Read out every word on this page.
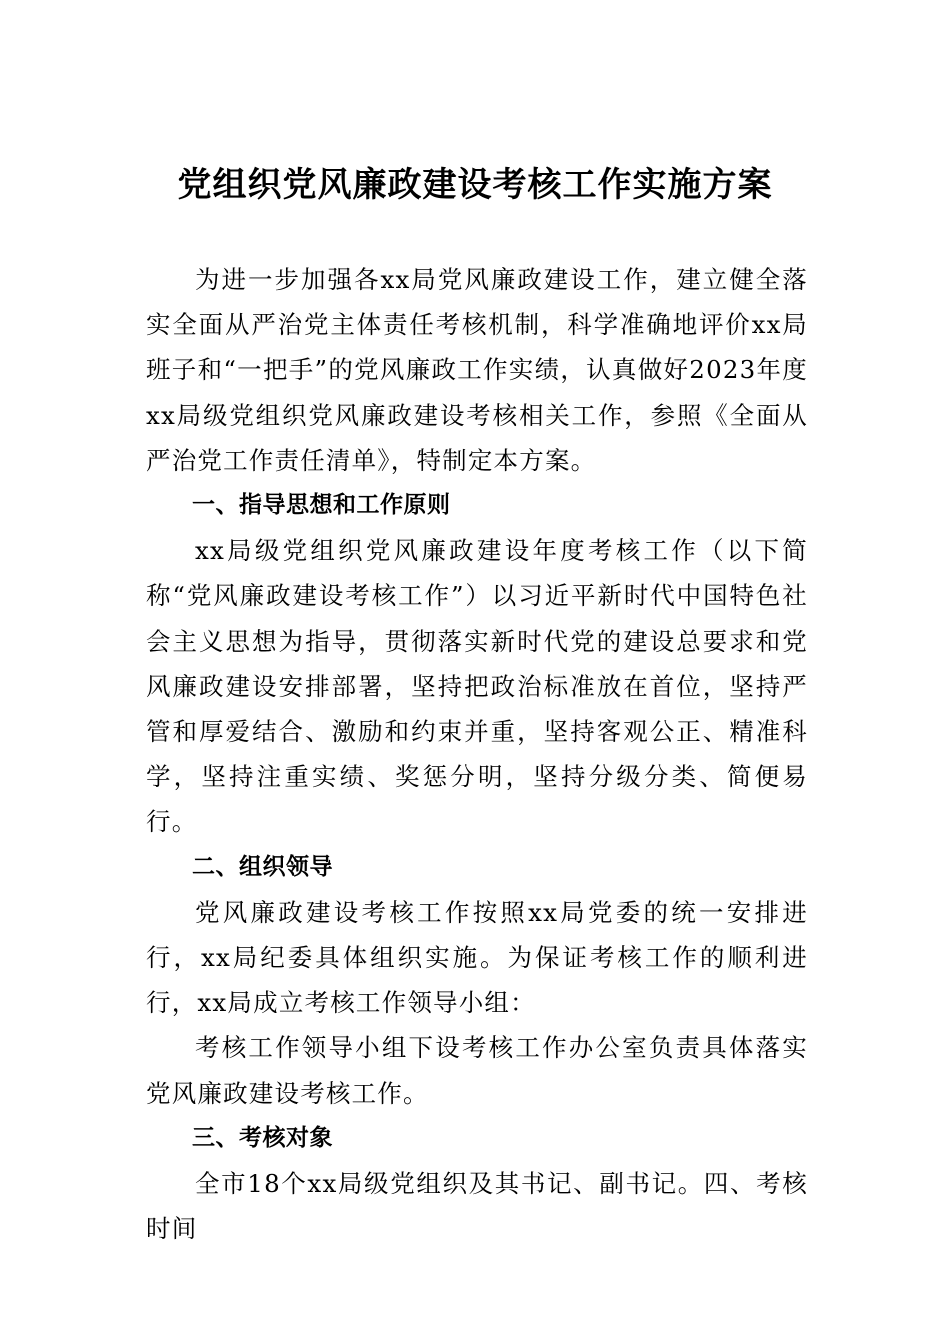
党组织党风廉政建设考核工作实施方案

为进一步加强各xx局党风廉政建设工作，建立健全落实全面从严治党主体责任考核机制，科学准确地评价xx局班子和“一把手”的党风廉政工作实绩，认真做好2023年度xx局级党组织党风廉政建设考核相关工作，参照《全面从严治党工作责任清单》，特制定本方案。

一、指导思想和工作原则

xx局级党组织党风廉政建设年度考核工作（以下简称“党风廉政建设考核工作”）以习近平新时代中国特色社会主义思想为指导，贯彻落实新时代党的建设总要求和党风廉政建设安排部署，坚持把政治标准放在首位，坚持严管和厚爱结合、激励和约束并重，坚持客观公正、精准科学，坚持注重实绩、奖惩分明，坚持分级分类、简便易行。

二、组织领导

党风廉政建设考核工作按照xx局党委的统一安排进行，xx局纪委具体组织实施。为保证考核工作的顺利进行，xx局成立考核工作领导小组：

考核工作领导小组下设考核工作办公室负责具体落实党风廉政建设考核工作。

三、考核对象

全市18个xx局级党组织及其书记、副书记。四、考核时间
